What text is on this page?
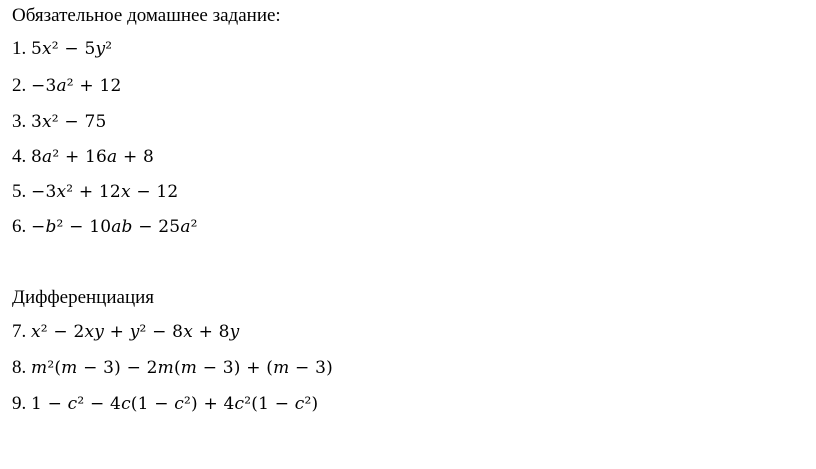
Обязательное домашнее задание:
1. 5𝑥² − 5𝑦²
2. −3𝑎² + 12
3. 3𝑥² − 75
4. 8𝑎² + 16𝑎 + 8
5. −3𝑥² + 12𝑥 − 12
6. −𝑏² − 10𝑎𝑏 − 25𝑎²
Дифференциация
7. 𝑥² − 2𝑥𝑦 + 𝑦² − 8𝑥 + 8𝑦
8. 𝑚²(𝑚 − 3) − 2𝑚(𝑚 − 3) + (𝑚 − 3)
9. 1 − 𝑐² − 4𝑐(1 − 𝑐²) + 4𝑐²(1 − 𝑐²)
